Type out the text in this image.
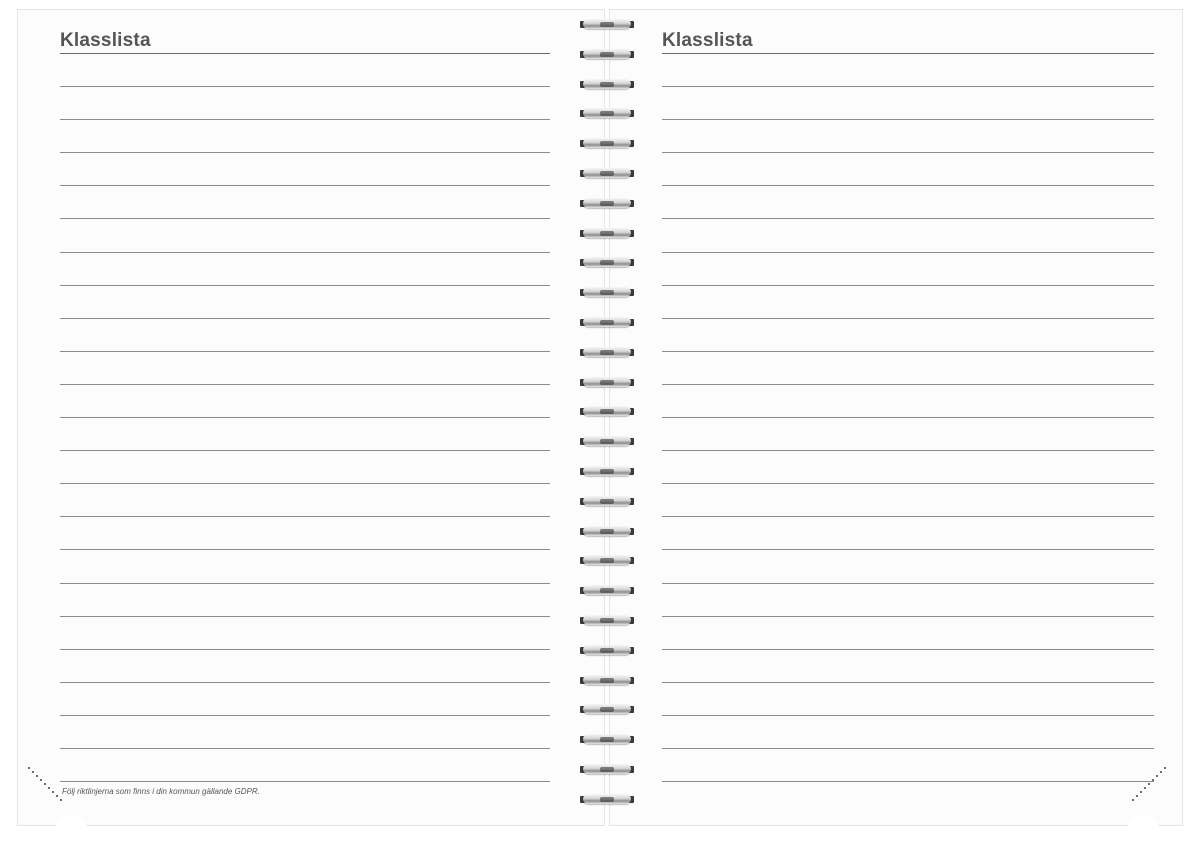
Klasslista
Följ riktlinjerna som finns i din kommun gällande GDPR.
Klasslista
